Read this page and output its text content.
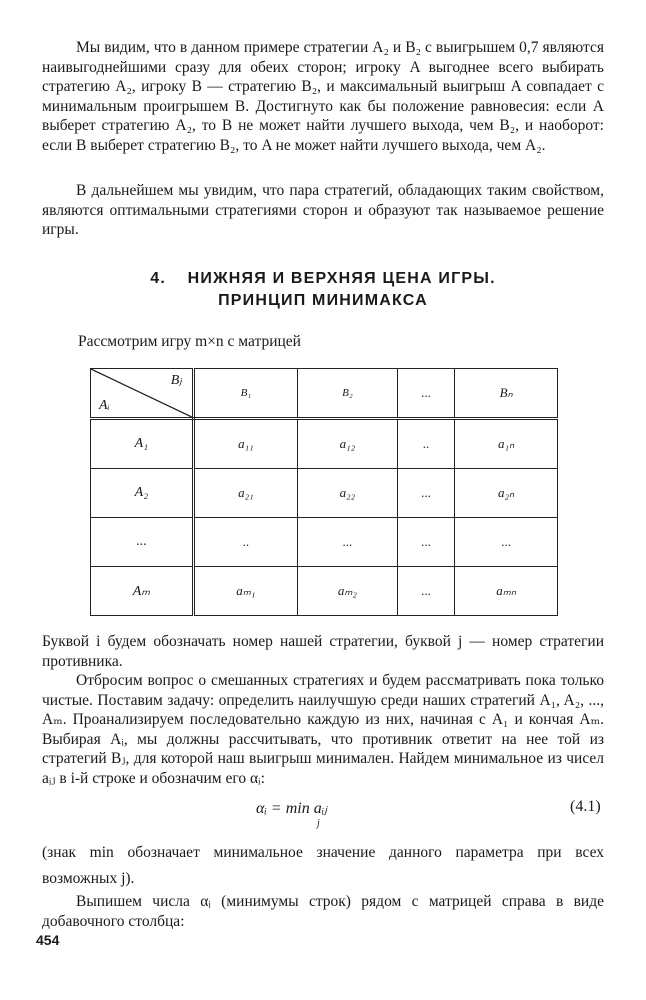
Мы видим, что в данном примере стратегии A₂ и B₂ с выигрышем 0,7 являются наивыгоднейшими сразу для обеих сторон; игроку A выгоднее всего выбирать стратегию A₂, игроку B — стратегию B₂, и максимальный выигрыш A совпадает с минимальным проигрышем B. Достигнуто как бы положение равновесия: если A выберет стратегию A₂, то B не может найти лучшего выхода, чем B₂, и наоборот: если B выберет стратегию B₂, то A не может найти лучшего выхода, чем A₂.
В дальнейшем мы увидим, что пара стратегий, обладающих таким свойством, являются оптимальными стратегиями сторон и образуют так называемое решение игры.
4. НИЖНЯЯ И ВЕРХНЯЯ ЦЕНА ИГРЫ.
ПРИНЦИП МИНИМАКСА
Рассмотрим игру m×n с матрицей
Bⱼ
Aᵢ	B₁	B₂	...	Bₙ
A₁	a₁₁	a₁₂	..	a₁ₙ
A₂	a₂₁	a₂₂	...	a₂ₙ
...	..	...	...	...
Aₘ	aₘ₁	aₘ₂	...	aₘₙ
Буквой i будем обозначать номер нашей стратегии, буквой j — номер стратегии противника.
Отбросим вопрос о смешанных стратегиях и будем рассматривать пока только чистые. Поставим задачу: определить наилучшую среди наших стратегий A₁, A₂, ..., Aₘ. Проанализируем последовательно каждую из них, начиная с A₁ и кончая Aₘ. Выбирая Aᵢ, мы должны рассчитывать, что противник ответит на нее той из стратегий Bⱼ, для которой наш выигрыш минимален. Найдем минимальное из чисел aᵢⱼ в i-й строке и обозначим его αᵢ:
αᵢ = min aᵢⱼ
j
(4.1)
(знак min обозначает минимальное значение данного параметра при всех возможных j).
Выпишем числа αᵢ (минимумы строк) рядом с матрицей справа в виде добавочного столбца:
454
